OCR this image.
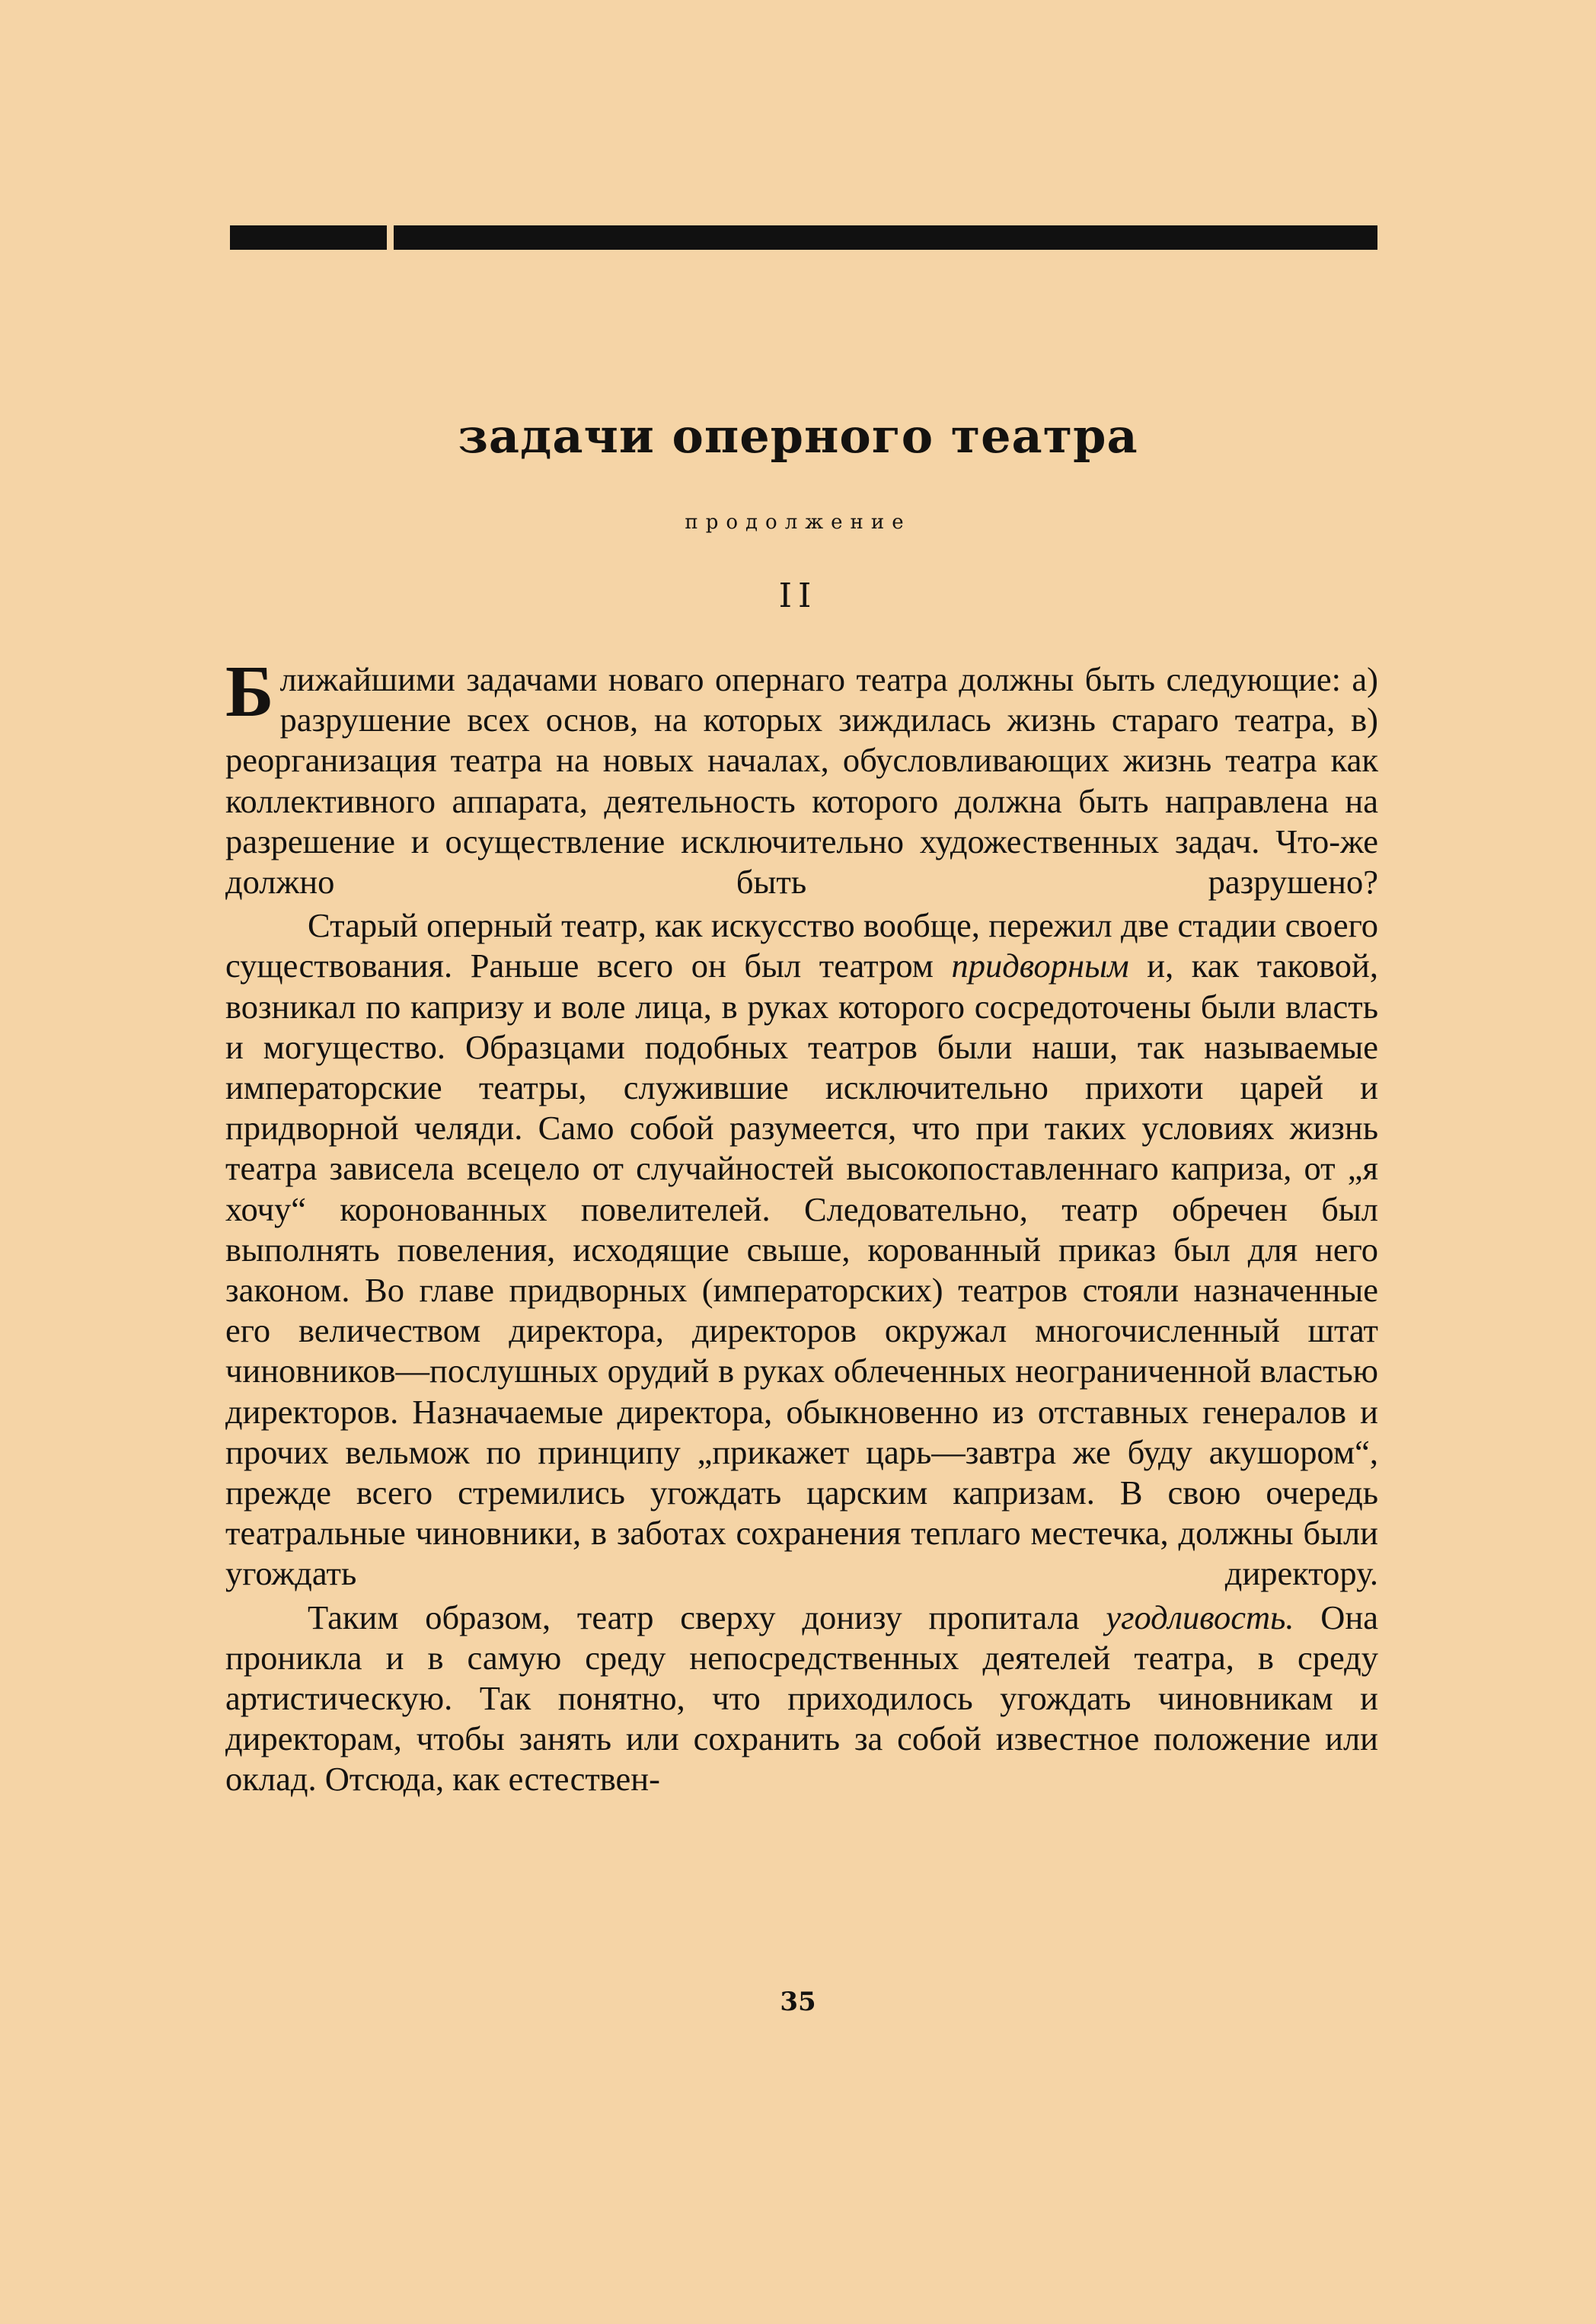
задачи оперного театра
продолжение
II

Ближайшими задачами новаго опернаго театра должны быть следующие: а) разрушение всех основ, на которых зиждилась жизнь стараго театра, в) реорганизация театра на новых началах, обусловливающих жизнь театра как коллективного аппарата, деятельность которого должна быть направлена на разрешение и осуществление исключительно художественных задач. Что-же должно быть разрушено?

Старый оперный театр, как искусство вообще, пережил две стадии своего существования. Раньше всего он был театром придворным и, как таковой, возникал по капризу и воле лица, в руках которого сосредоточены были власть и могущество. Образцами подобных театров были наши, так называемые императорские театры, служившие исключительно прихоти царей и придворной челяди. Само собой разумеется, что при таких условиях жизнь театра зависела всецело от случайностей высокопоставленнаго каприза, от „я хочу“ коронованных повелителей. Следовательно, театр обречен был выполнять повеления, исходящие свыше, корованный приказ был для него законом. Во главе придворных (императорских) театров стояли назначенные его величеством директора, директоров окружал многочисленный штат чиновников—послушных орудий в руках облеченных неограниченной властью директоров. Назначаемые директора, обыкновенно из отставных генералов и прочих вельмож по принципу „прикажет царь—завтра же буду акушором“, прежде всего стремились угождать царским капризам. В свою очередь театральные чиновники, в заботах сохранения теплаго местечка, должны были угождать директору.

Таким образом, театр сверху донизу пропитала угодливость. Она проникла и в самую среду непосредственных деятелей театра, в среду артистическую. Так понятно, что приходилось угождать чиновникам и директорам, чтобы занять или сохранить за собой известное положение или оклад. Отсюда, как естествен-

35
